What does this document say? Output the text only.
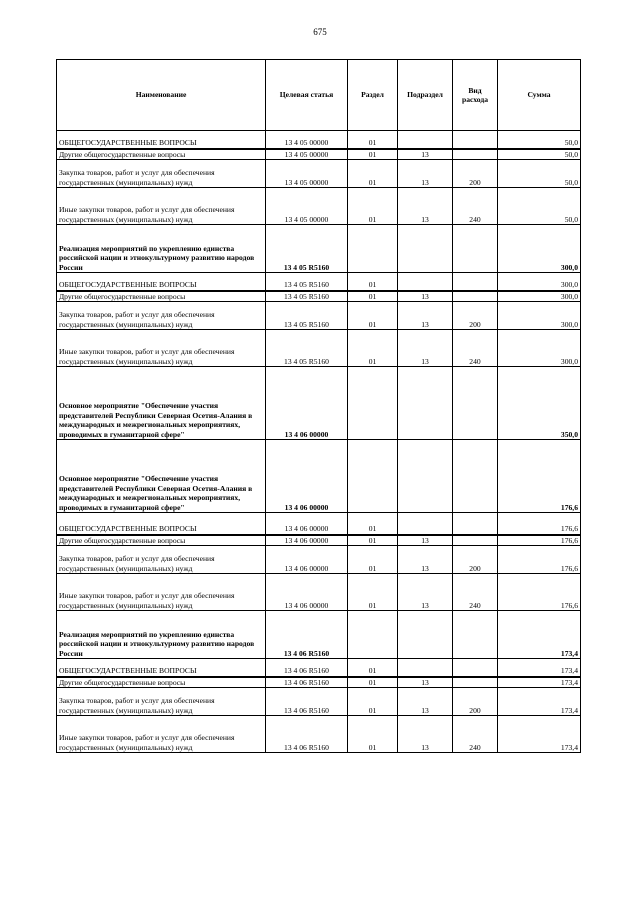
675
Наименование	Целевая статья	Раздел	Подраздел	Вид расхода	Сумма
ОБЩЕГОСУДАРСТВЕННЫЕ ВОПРОСЫ	13 4 05 00000	01			50,0
Другие общегосударственные вопросы	13 4 05 00000	01	13		50,0
Закупка товаров, работ и услуг для обеспечения государственных (муниципальных) нужд	13 4 05 00000	01	13	200	50,0
Иные закупки товаров, работ и услуг для обеспечения государственных (муниципальных) нужд	13 4 05 00000	01	13	240	50,0
Реализация мероприятий по укреплению единства российской нации и этнокультурному развитию народов России	13 4 05 R5160				300,0
ОБЩЕГОСУДАРСТВЕННЫЕ ВОПРОСЫ	13 4 05 R5160	01			300,0
Другие общегосударственные вопросы	13 4 05 R5160	01	13		300,0
Закупка товаров, работ и услуг для обеспечения государственных (муниципальных) нужд	13 4 05 R5160	01	13	200	300,0
Иные закупки товаров, работ и услуг для обеспечения государственных (муниципальных) нужд	13 4 05 R5160	01	13	240	300,0
Основное мероприятие "Обеспечение участия представителей Республики Северная Осетия-Алания в международных и межрегиональных мероприятиях, проводимых в гуманитарной сфере"	13 4 06 00000				350,0
Основное мероприятие "Обеспечение участия представителей Республики Северная Осетия-Алания в международных и межрегиональных мероприятиях, проводимых в гуманитарной сфере"	13 4 06 00000				176,6
ОБЩЕГОСУДАРСТВЕННЫЕ ВОПРОСЫ	13 4 06 00000	01			176,6
Другие общегосударственные вопросы	13 4 06 00000	01	13		176,6
Закупка товаров, работ и услуг для обеспечения государственных (муниципальных) нужд	13 4 06 00000	01	13	200	176,6
Иные закупки товаров, работ и услуг для обеспечения государственных (муниципальных) нужд	13 4 06 00000	01	13	240	176,6
Реализация мероприятий по укреплению единства российской нации и этнокультурному развитию народов России	13 4 06 R5160				173,4
ОБЩЕГОСУДАРСТВЕННЫЕ ВОПРОСЫ	13 4 06 R5160	01			173,4
Другие общегосударственные вопросы	13 4 06 R5160	01	13		173,4
Закупка товаров, работ и услуг для обеспечения государственных (муниципальных) нужд	13 4 06 R5160	01	13	200	173,4
Иные закупки товаров, работ и услуг для обеспечения государственных (муниципальных) нужд	13 4 06 R5160	01	13	240	173,4
